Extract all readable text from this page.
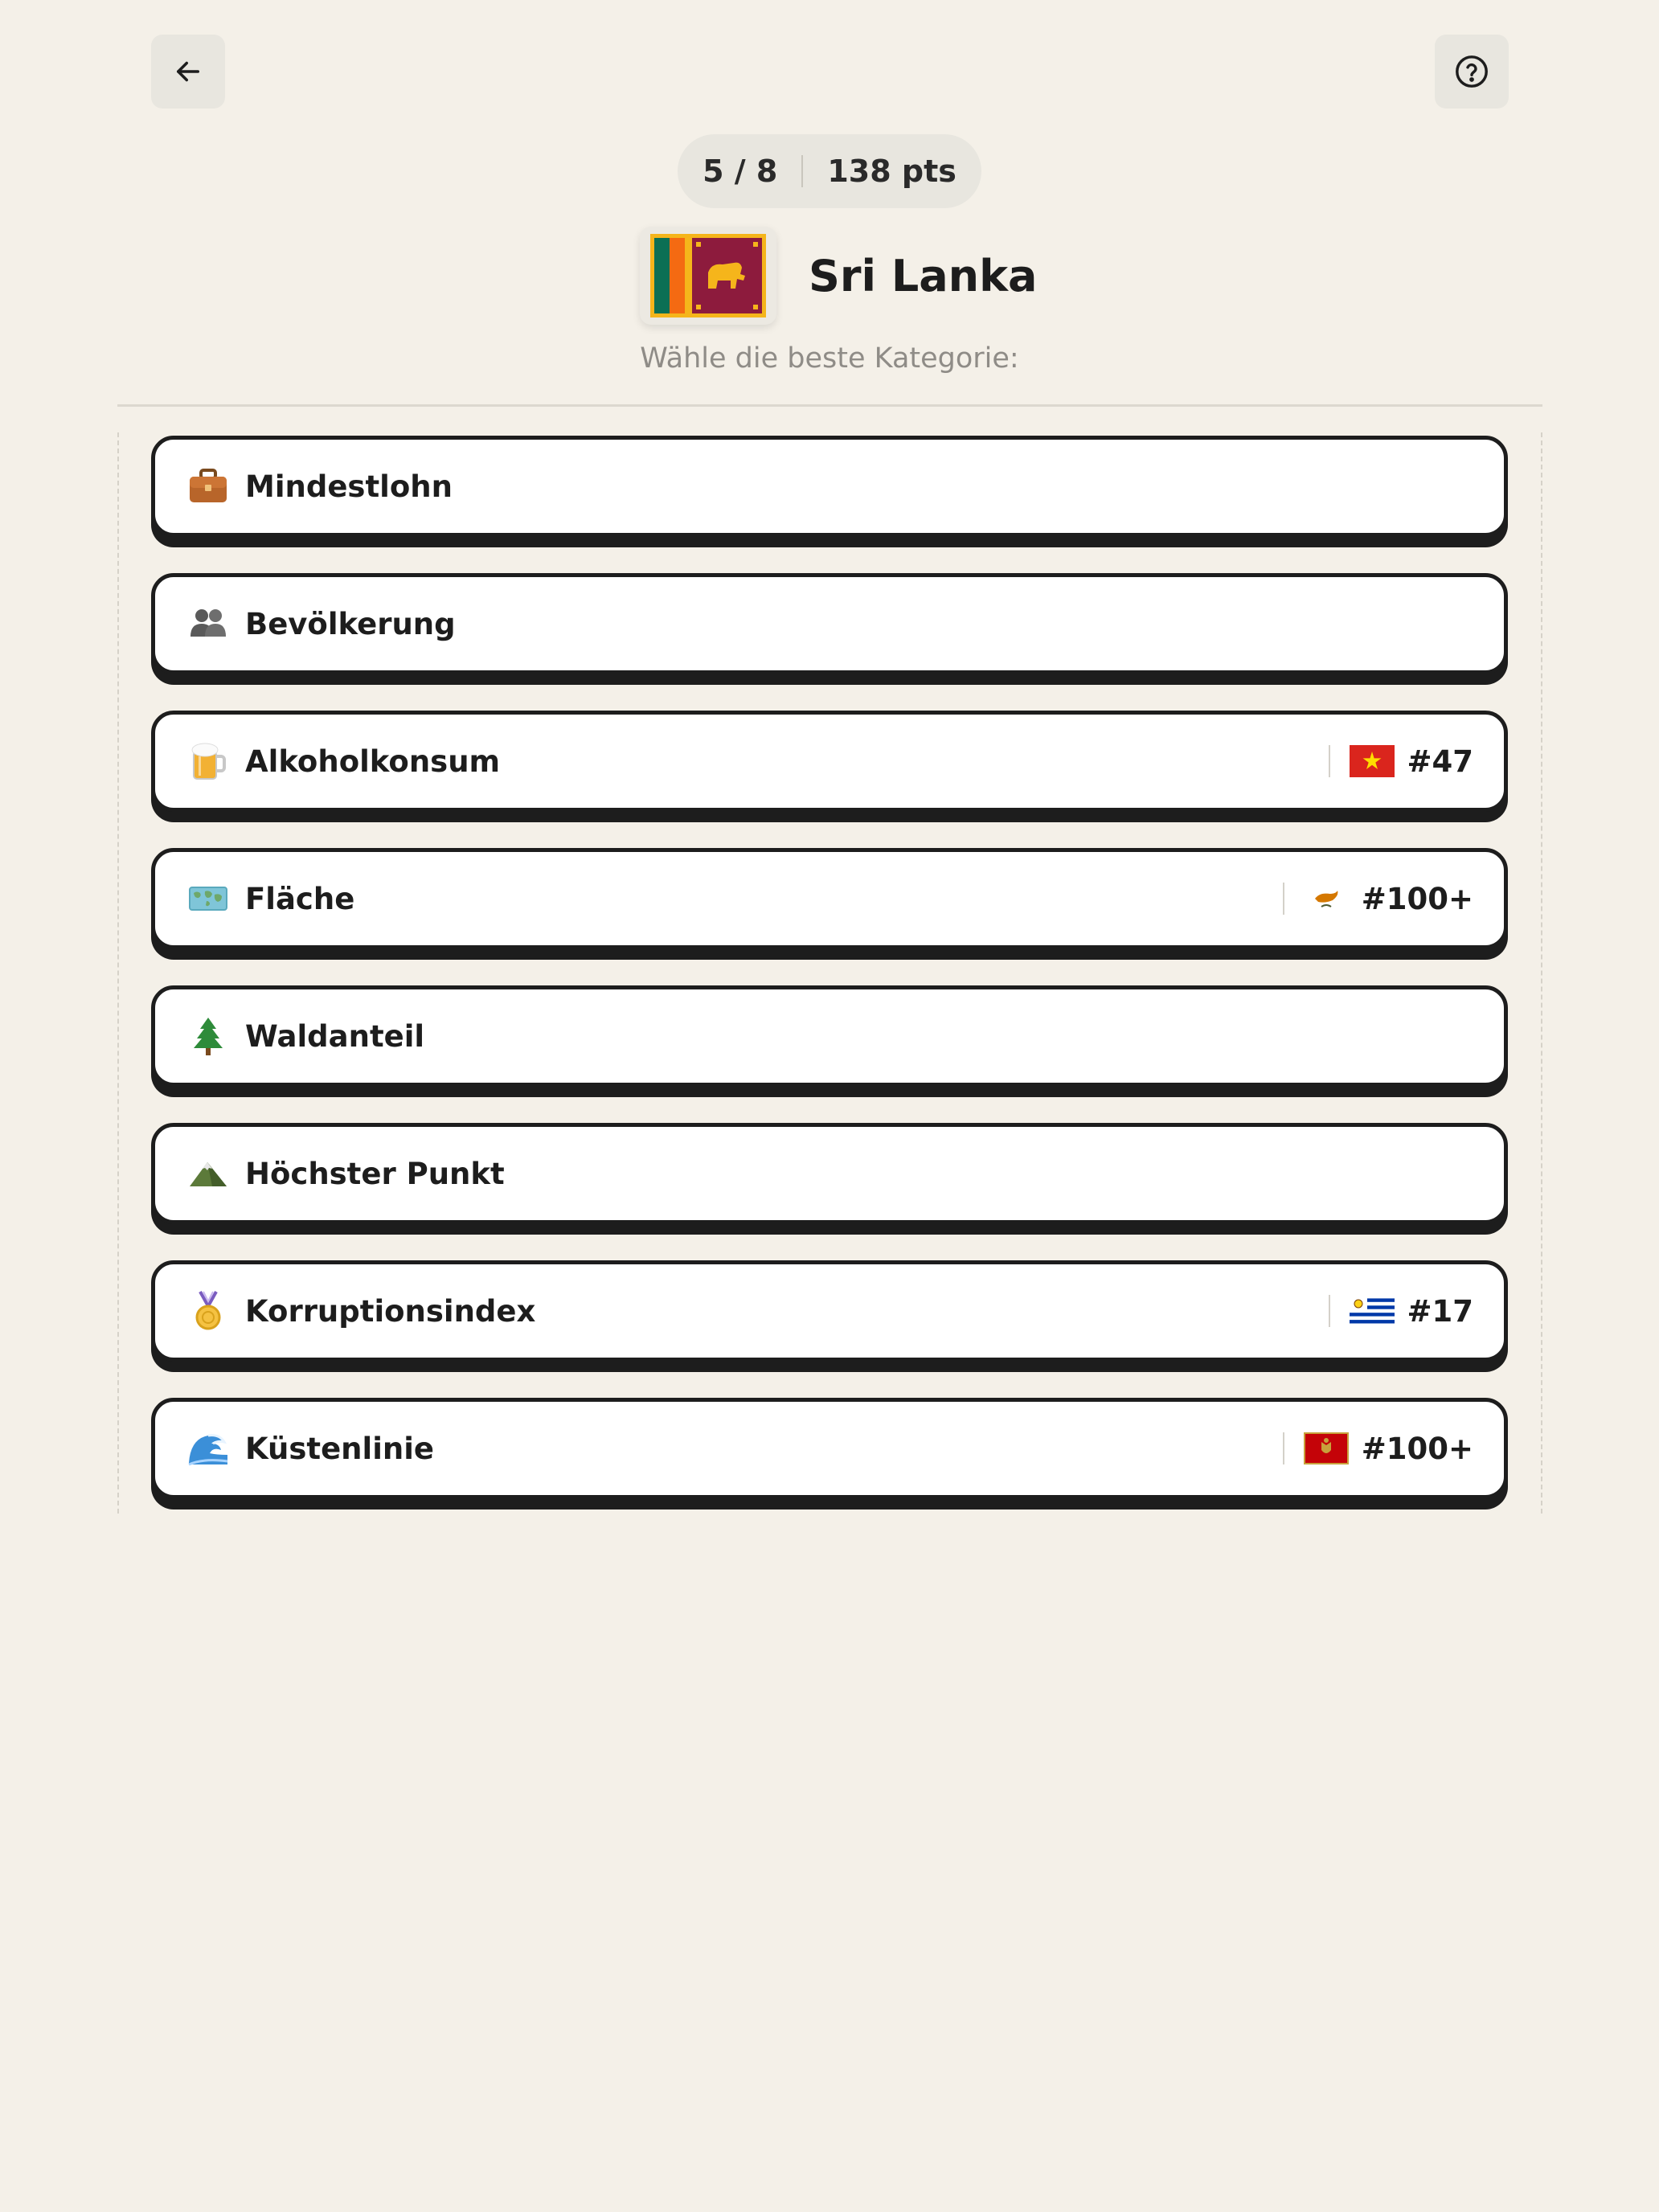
5 / 8 138 pts
Sri Lanka
Wähle die beste Kategorie:
Mindestlohn
Bevölkerung
Alkoholkonsum	#47
Fläche	#100+
Waldanteil
Höchster Punkt
Korruptionsindex	#17
Küstenlinie	#100+
